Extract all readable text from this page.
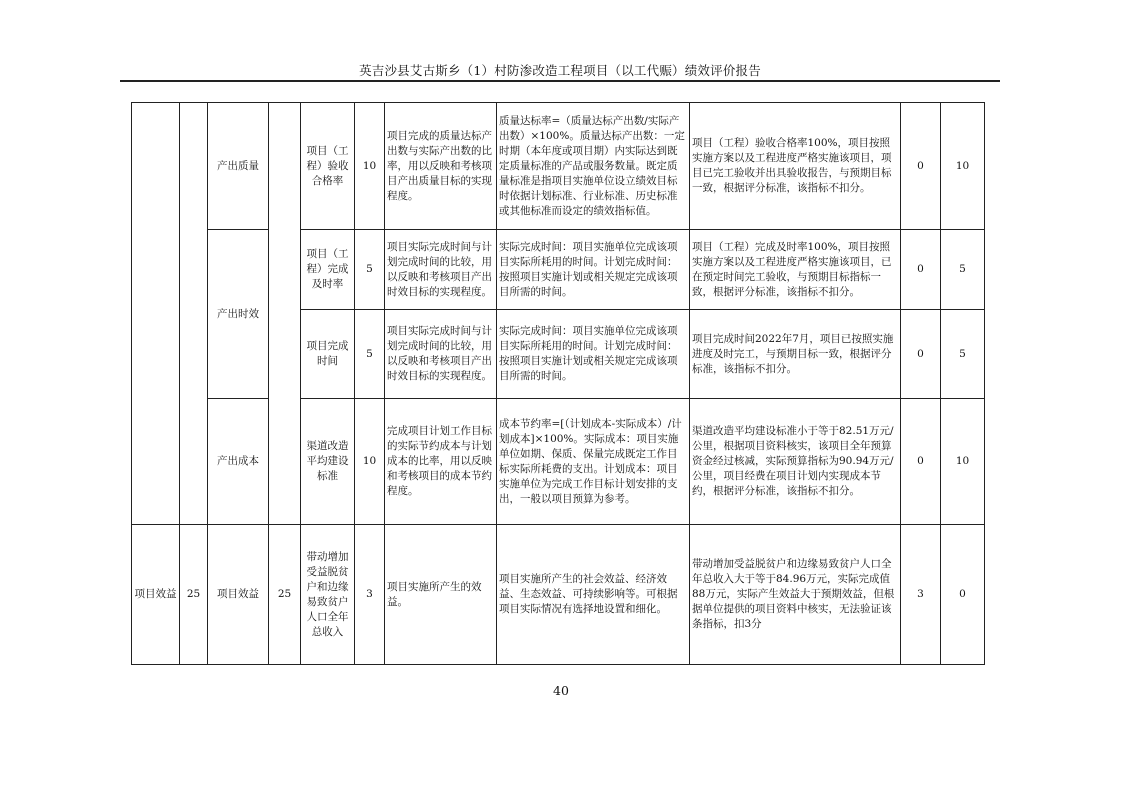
英吉沙县艾古斯乡（1）村防渗改造工程项目（以工代赈）绩效评价报告
		产出质量		项目（工程）验收合格率	10	项目完成的质量达标产出数与实际产出数的比率，用以反映和考核项目产出质量目标的实现程度。	质量达标率=（质量达标产出数/实际产出数）×100%。质量达标产出数：一定时期（本年度或项目期）内实际达到既定质量标准的产品或服务数量。既定质量标准是指项目实施单位设立绩效目标时依据计划标准、行业标准、历史标准或其他标准而设定的绩效指标值。	项目（工程）验收合格率100%，项目按照实施方案以及工程进度严格实施该项目，项目已完工验收并出具验收报告，与预期目标一致，根据评分标准，该指标不扣分。	0	10
		产出时效		项目（工程）完成及时率	5	项目实际完成时间与计划完成时间的比较，用以反映和考核项目产出时效目标的实现程度。	实际完成时间：项目实施单位完成该项目实际所耗用的时间。计划完成时间：按照项目实施计划或相关规定完成该项目所需的时间。	项目（工程）完成及时率100%，项目按照实施方案以及工程进度严格实施该项目，已在预定时间完工验收，与预期目标指标一致，根据评分标准，该指标不扣分。	0	5
				项目完成时间	5	项目实际完成时间与计划完成时间的比较，用以反映和考核项目产出时效目标的实现程度。	实际完成时间：项目实施单位完成该项目实际所耗用的时间。计划完成时间：按照项目实施计划或相关规定完成该项目所需的时间。	项目完成时间2022年7月，项目已按照实施进度及时完工，与预期目标一致，根据评分标准，该指标不扣分。	0	5
		产出成本		渠道改造平均建设标准	10	完成项目计划工作目标的实际节约成本与计划成本的比率，用以反映和考核项目的成本节约程度。	成本节约率=[（计划成本-实际成本）/计划成本]×100%。实际成本：项目实施单位如期、保质、保量完成既定工作目标实际所耗费的支出。计划成本：项目实施单位为完成工作目标计划安排的支出，一般以项目预算为参考。	渠道改造平均建设标准小于等于82.51万元/公里，根据项目资料核实，该项目全年预算资金经过核减，实际预算指标为90.94万元/公里，项目经费在项目计划内实现成本节约，根据评分标准，该指标不扣分。	0	10
项目效益	25	项目效益	25	带动增加受益脱贫户和边缘易致贫户人口全年总收入	3	项目实施所产生的效益。	项目实施所产生的社会效益、经济效益、生态效益、可持续影响等。可根据项目实际情况有选择地设置和细化。	带动增加受益脱贫户和边缘易致贫户人口全年总收入大于等于84.96万元，实际完成值88万元，实际产生效益大于预期效益，但根据单位提供的项目资料中核实，无法验证该条指标，扣3分	3	0
40
